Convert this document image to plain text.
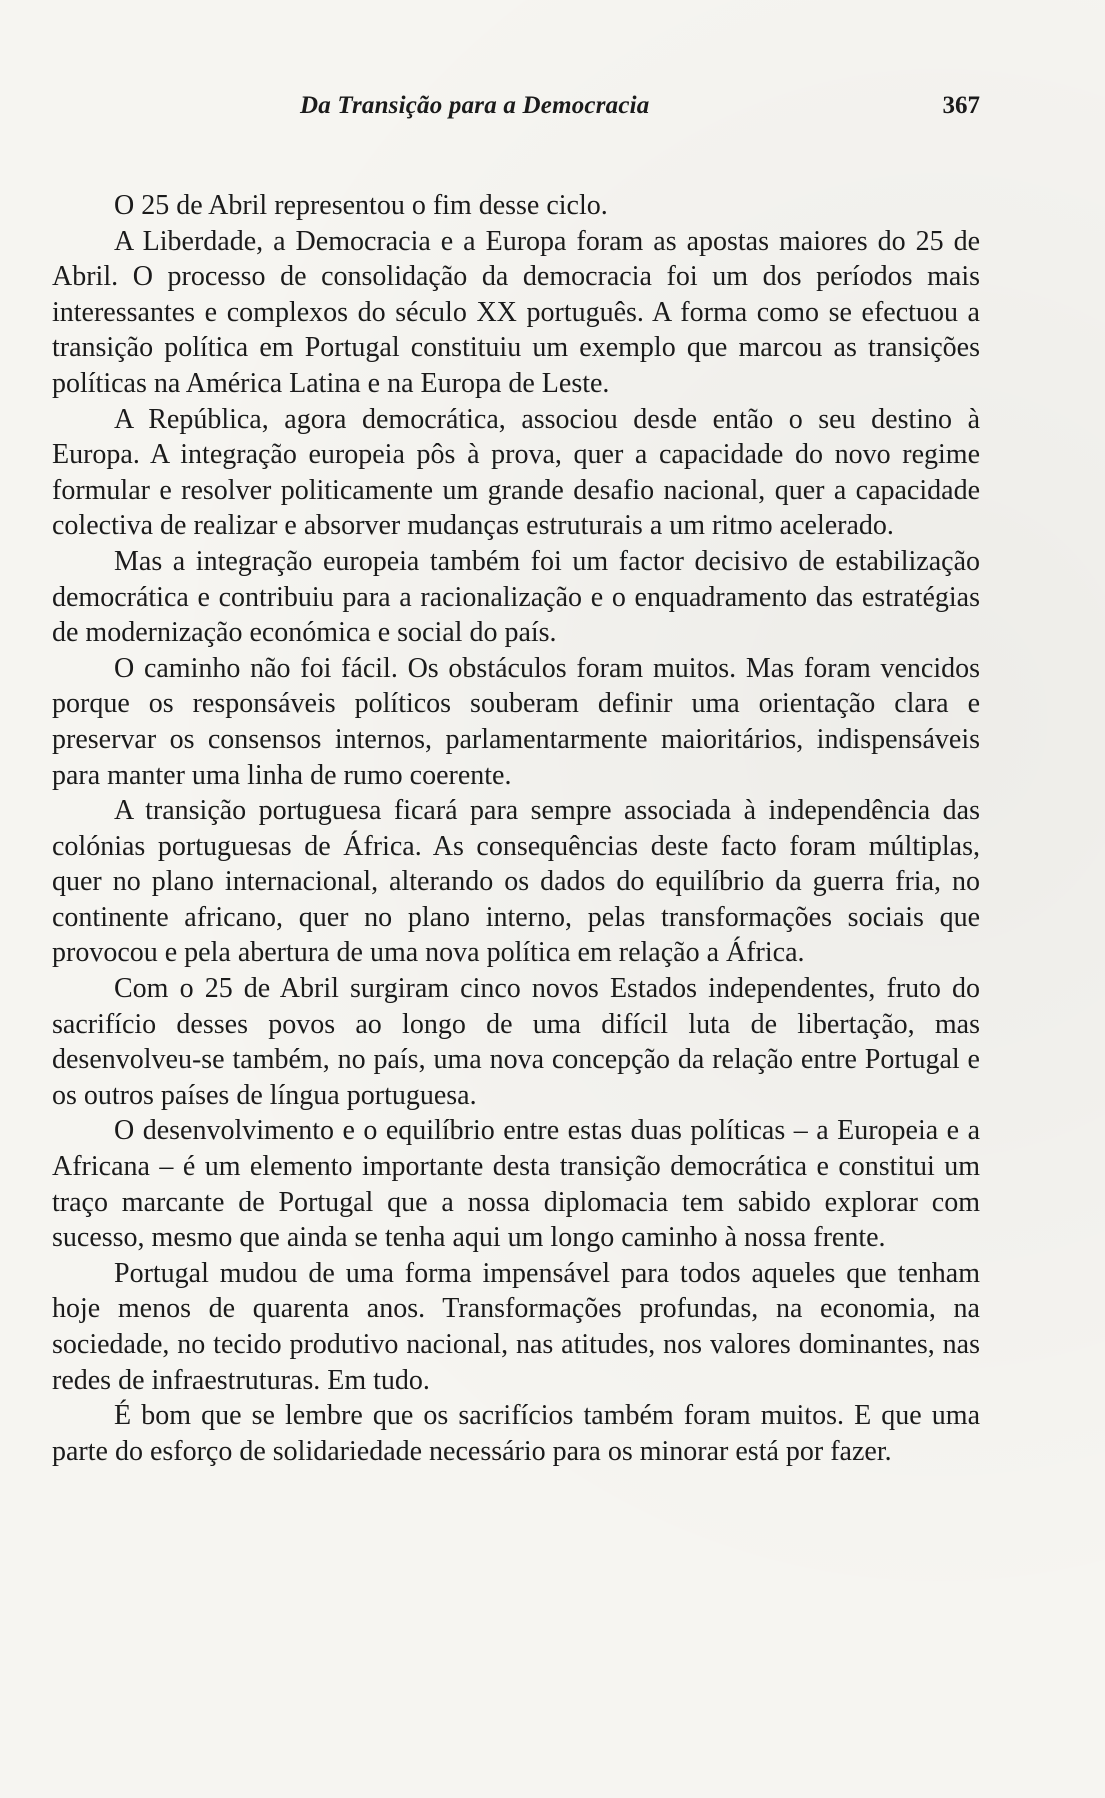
Da Transição para a Democracia	367

O 25 de Abril representou o fim desse ciclo.

A Liberdade, a Democracia e a Europa foram as apostas maiores do 25 de Abril. O processo de consolidação da democracia foi um dos períodos mais interessantes e complexos do século XX português. A forma como se efectuou a transição política em Portugal constituiu um exemplo que marcou as transições políticas na América Latina e na Europa de Leste.

A República, agora democrática, associou desde então o seu destino à Europa. A integração europeia pôs à prova, quer a capacidade do novo regime formular e resolver politicamente um grande desafio nacional, quer a capacidade colectiva de realizar e absorver mudanças estruturais a um ritmo acelerado.

Mas a integração europeia também foi um factor decisivo de estabilização democrática e contribuiu para a racionalização e o enquadramento das estratégias de modernização económica e social do país.

O caminho não foi fácil. Os obstáculos foram muitos. Mas foram vencidos porque os responsáveis políticos souberam definir uma orientação clara e preservar os consensos internos, parlamentarmente maioritários, indispensáveis para manter uma linha de rumo coerente.

A transição portuguesa ficará para sempre associada à independência das colónias portuguesas de África. As consequências deste facto foram múltiplas, quer no plano internacional, alterando os dados do equilíbrio da guerra fria, no continente africano, quer no plano interno, pelas transformações sociais que provocou e pela abertura de uma nova política em relação a África.

Com o 25 de Abril surgiram cinco novos Estados independentes, fruto do sacrifício desses povos ao longo de uma difícil luta de libertação, mas desenvolveu-se também, no país, uma nova concepção da relação entre Portugal e os outros países de língua portuguesa.

O desenvolvimento e o equilíbrio entre estas duas políticas – a Europeia e a Africana – é um elemento importante desta transição democrática e constitui um traço marcante de Portugal que a nossa diplomacia tem sabido explorar com sucesso, mesmo que ainda se tenha aqui um longo caminho à nossa frente.

Portugal mudou de uma forma impensável para todos aqueles que tenham hoje menos de quarenta anos. Transformações profundas, na economia, na sociedade, no tecido produtivo nacional, nas atitudes, nos valores dominantes, nas redes de infraestruturas. Em tudo.

É bom que se lembre que os sacrifícios também foram muitos. E que uma parte do esforço de solidariedade necessário para os minorar está por fazer.
